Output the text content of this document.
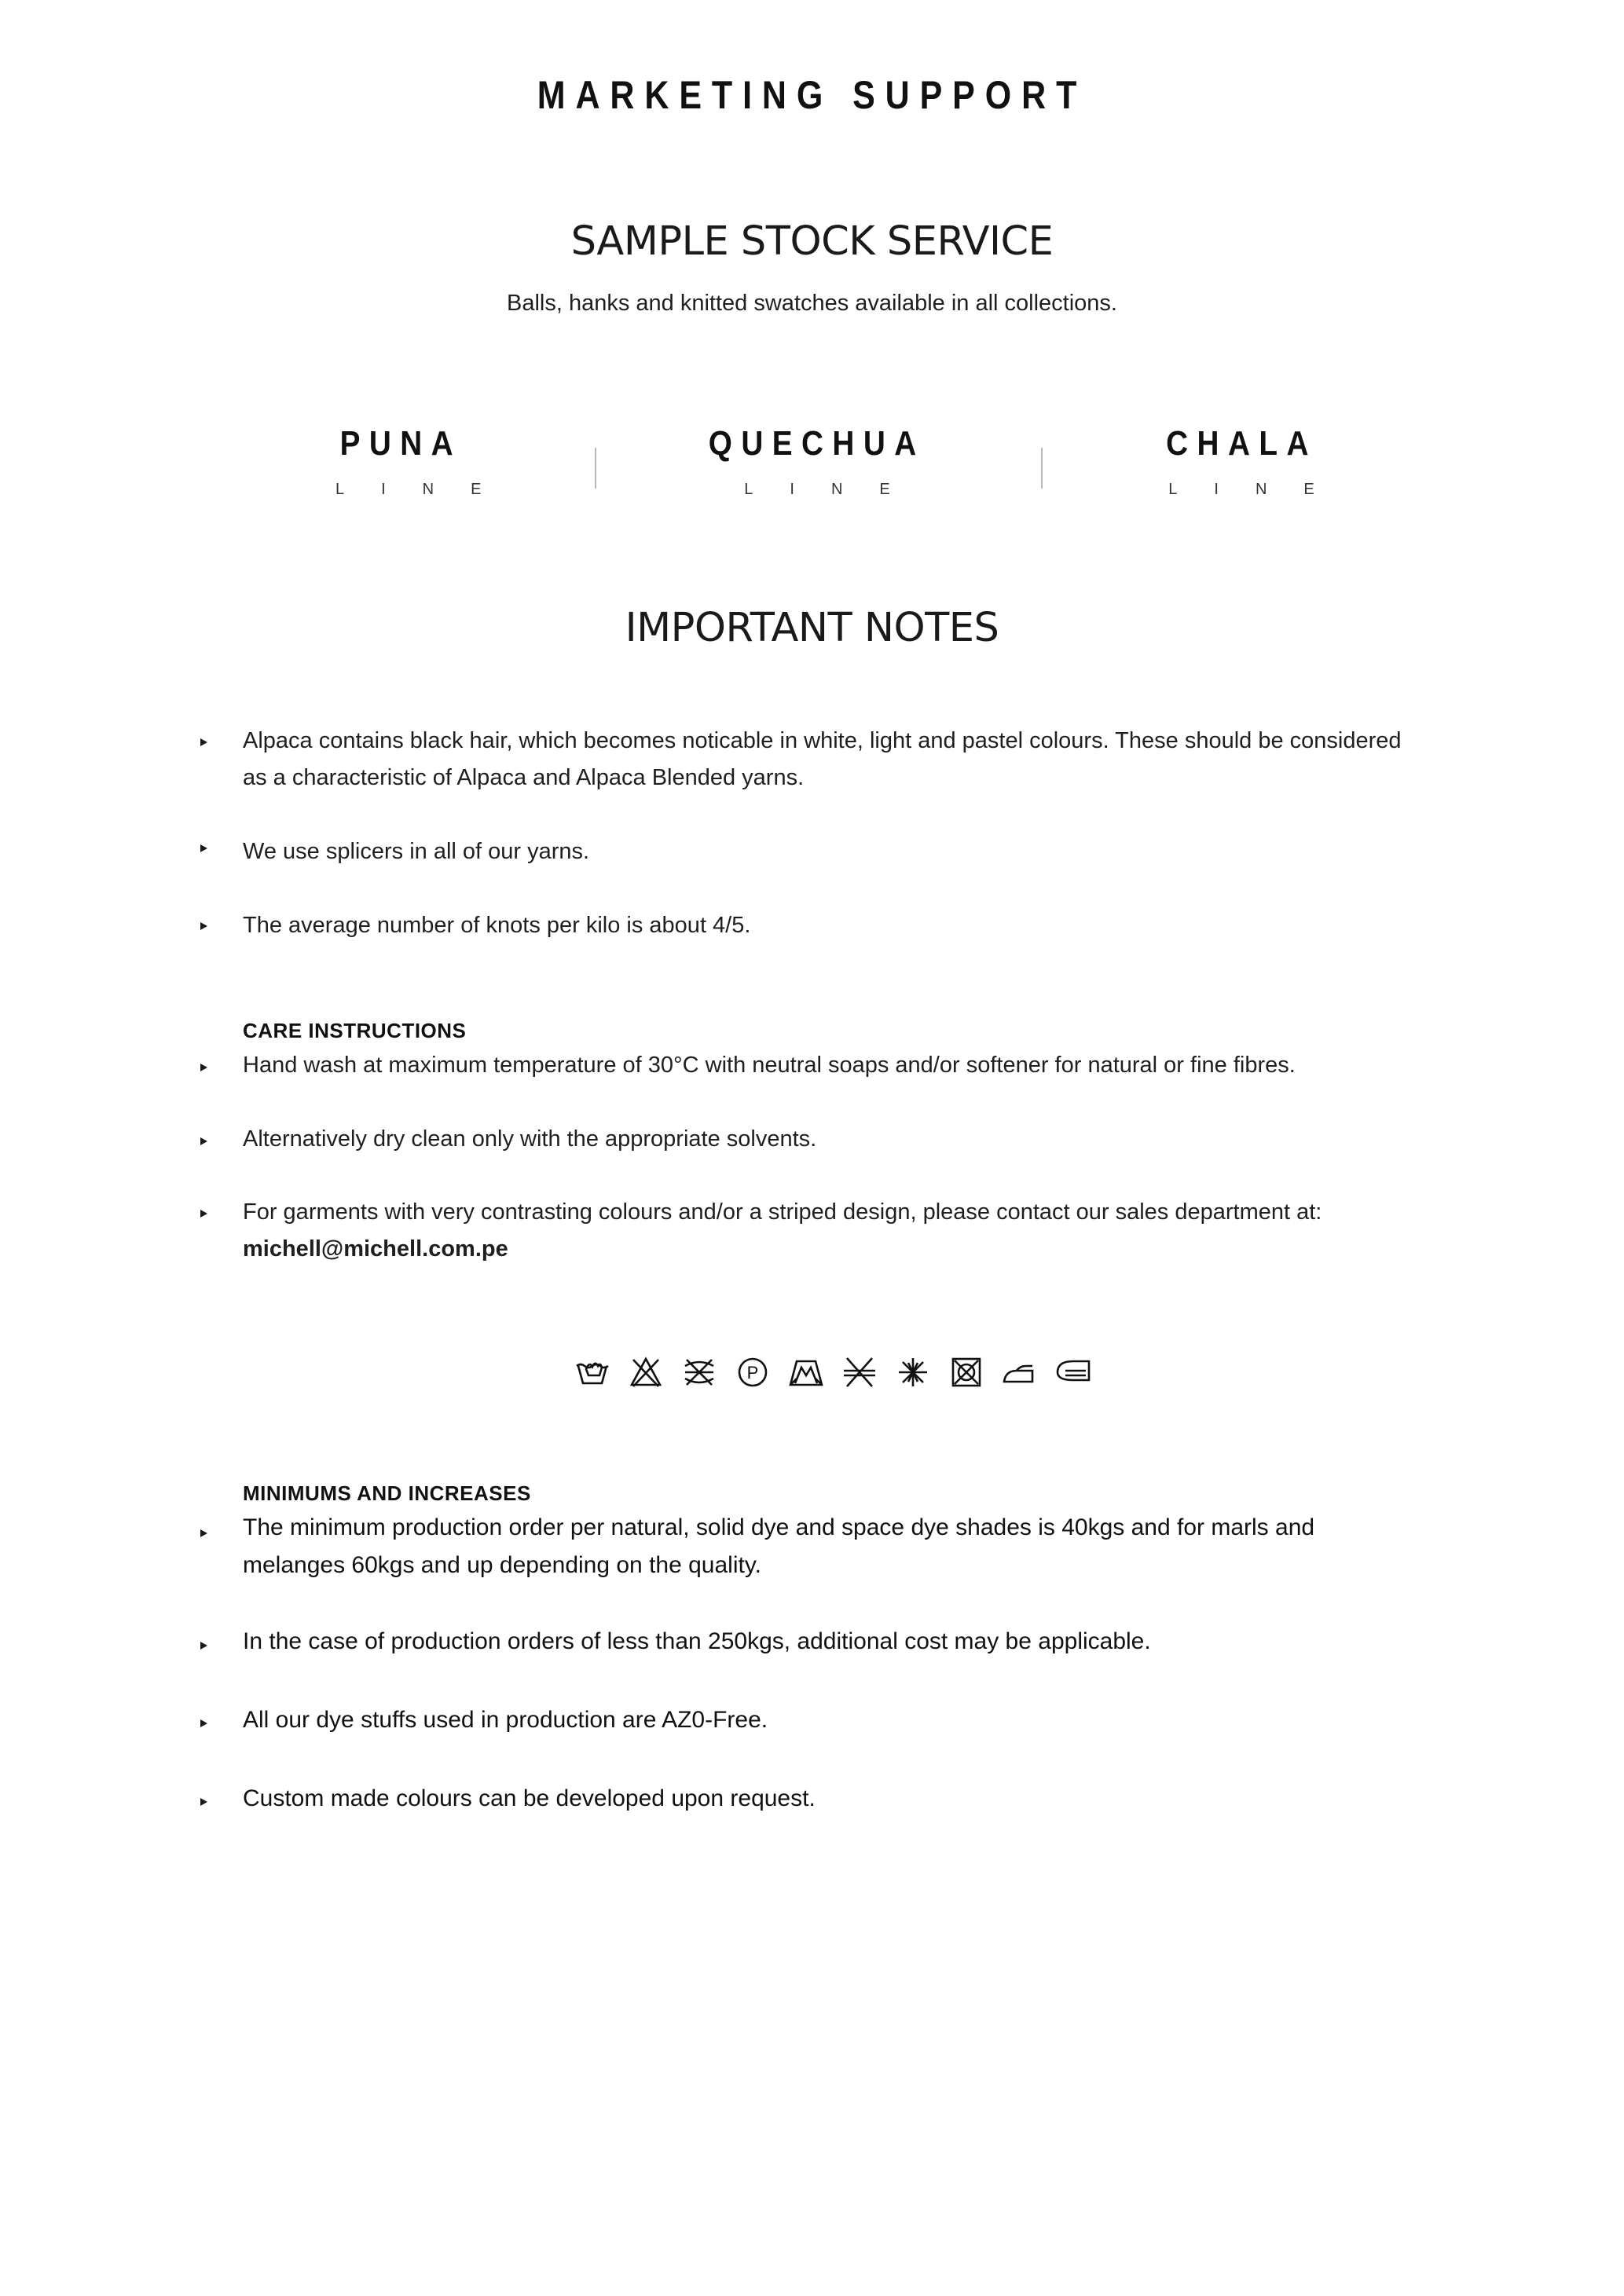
MARKETING SUPPORT
SAMPLE STOCK SERVICE
Balls, hanks and knitted swatches available in all collections.
PUNA
LINE
QUECHUA
LINE
CHALA
LINE
IMPORTANT NOTES
Alpaca contains black hair, which becomes noticable in white, light and pastel colours. These should be considered as a characteristic of Alpaca and Alpaca Blended yarns.
We use splicers in all of our yarns.
The average number of knots per kilo is about 4/5.
CARE INSTRUCTIONS
Hand wash at maximum temperature of 30°C with neutral soaps and/or softener for natural or fine fibres.
Alternatively dry clean only with the appropriate solvents.
For garments with very contrasting colours and/or a striped design, please contact our sales department at: michell@michell.com.pe
P
MINIMUMS AND INCREASES
The minimum production order per natural, solid dye and space dye shades is 40kgs and for marls and melanges 60kgs and up depending on the quality.
In the case of production orders of less than 250kgs, additional cost may be applicable.
All our dye stuffs used in production are AZ0-Free.
Custom made colours can be developed upon request.
